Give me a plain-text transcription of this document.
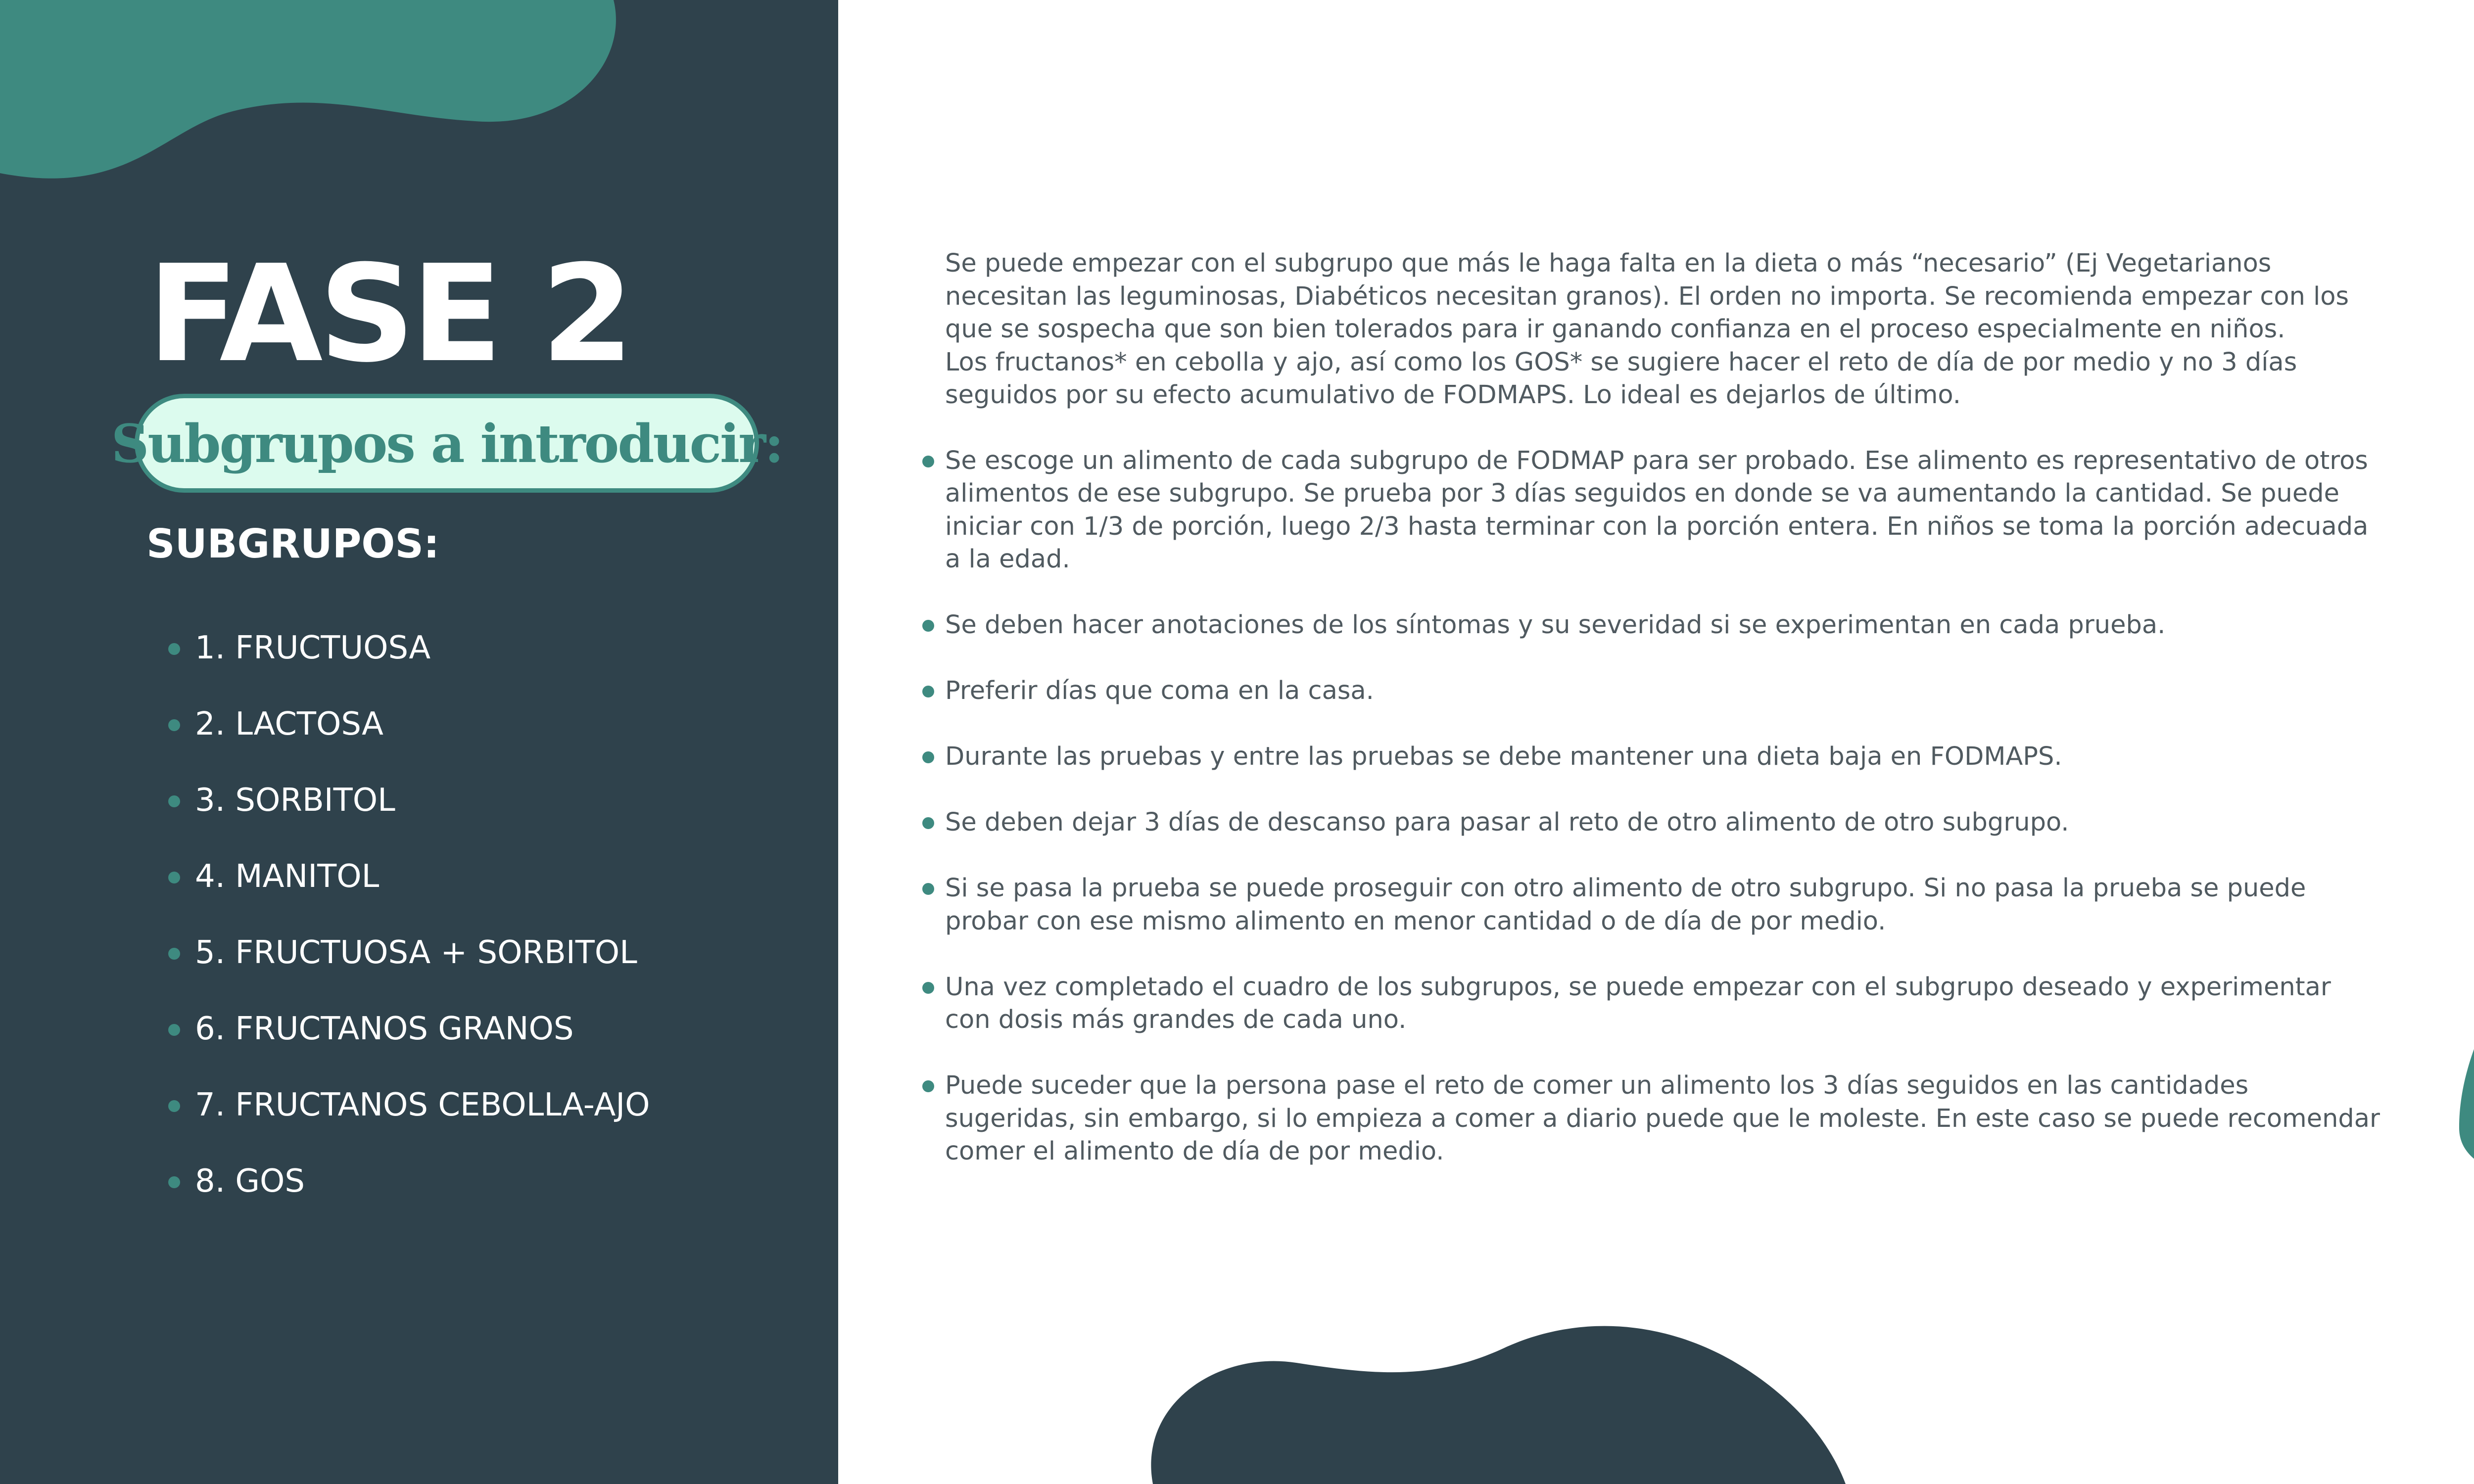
FASE 2
Subgrupos a introducir:
SUBGRUPOS:
1. FRUCTUOSA
2. LACTOSA
3. SORBITOL
4. MANITOL
5. FRUCTUOSA + SORBITOL
6. FRUCTANOS GRANOS
7. FRUCTANOS CEBOLLA-AJO
8. GOS

Se puede empezar con el subgrupo que más le haga falta en la dieta o más “necesario” (Ej Vegetarianos necesitan las leguminosas, Diabéticos necesitan granos). El orden no importa. Se recomienda empezar con los que se sospecha que son bien tolerados para ir ganando confianza en el proceso especialmente en niños.

Los fructanos* en cebolla y ajo, así como los GOS* se sugiere hacer el reto de día de por medio y no 3 días seguidos por su efecto acumulativo de FODMAPS. Lo ideal es dejarlos de último.

Se escoge un alimento de cada subgrupo de FODMAP para ser probado. Ese alimento es representativo de otros alimentos de ese subgrupo. Se prueba por 3 días seguidos en donde se va aumentando la cantidad. Se puede iniciar con 1/3 de porción, luego 2/3 hasta terminar con la porción entera. En niños se toma la porción adecuada a la edad.
Se deben hacer anotaciones de los síntomas y su severidad si se experimentan en cada prueba.
Preferir días que coma en la casa.
Durante las pruebas y entre las pruebas se debe mantener una dieta baja en FODMAPS.
Se deben dejar 3 días de descanso para pasar al reto de otro alimento de otro subgrupo.
Si se pasa la prueba se puede proseguir con otro alimento de otro subgrupo. Si no pasa la prueba se puede probar con ese mismo alimento en menor cantidad o de día de por medio.
Una vez completado el cuadro de los subgrupos, se puede empezar con el subgrupo deseado y experimentar con dosis más grandes de cada uno.
Puede suceder que la persona pase el reto de comer un alimento los 3 días seguidos en las cantidades sugeridas, sin embargo, si lo empieza a comer a diario puede que le moleste. En este caso se puede recomendar comer el alimento de día de por medio.
